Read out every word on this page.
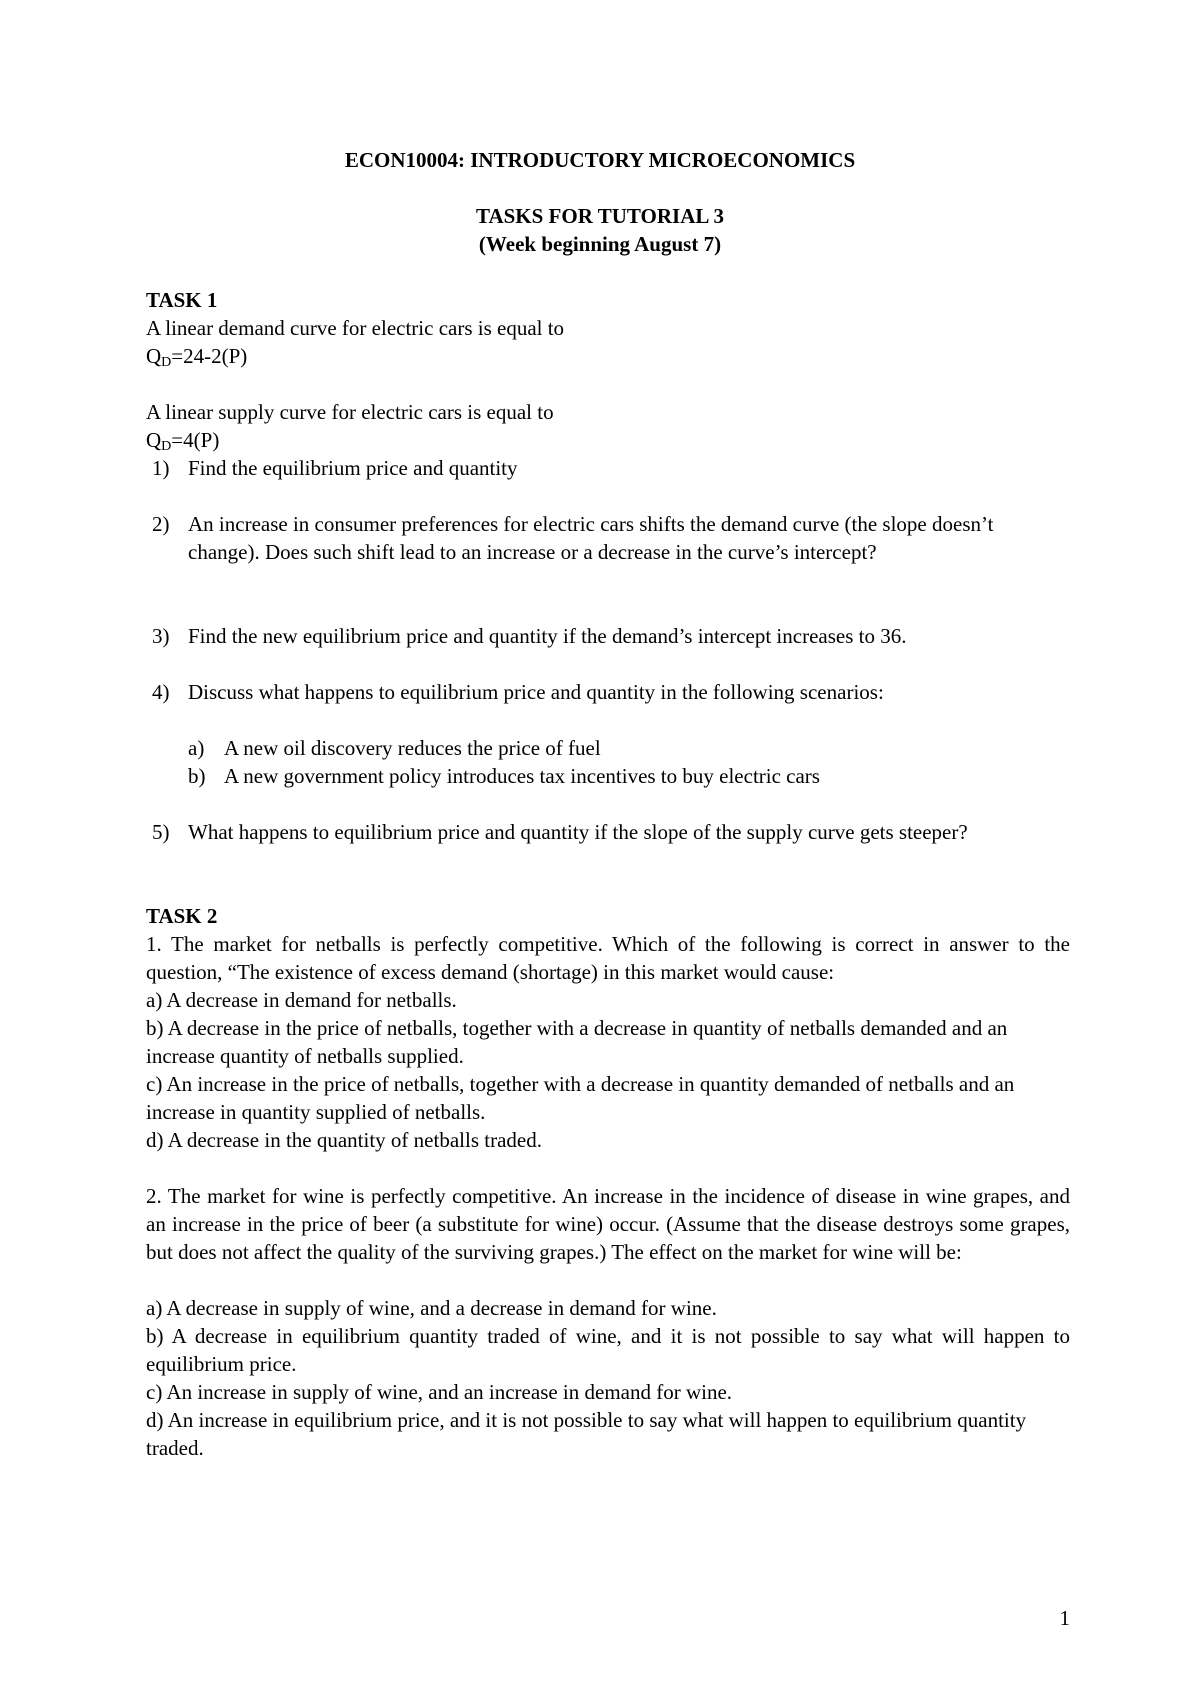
ECON10004: INTRODUCTORY MICROECONOMICS
TASKS FOR TUTORIAL 3
(Week beginning August 7)
TASK 1
A linear demand curve for electric cars is equal to
QD=24-2(P)
A linear supply curve for electric cars is equal to
QD=4(P)
1) Find the equilibrium price and quantity
2) An increase in consumer preferences for electric cars shifts the demand curve (the slope doesn’t change). Does such shift lead to an increase or a decrease in the curve’s intercept?
3) Find the new equilibrium price and quantity if the demand’s intercept increases to 36.
4) Discuss what happens to equilibrium price and quantity in the following scenarios:
a) A new oil discovery reduces the price of fuel
b) A new government policy introduces tax incentives to buy electric cars
5) What happens to equilibrium price and quantity if the slope of the supply curve gets steeper?
TASK 2
1. The market for netballs is perfectly competitive. Which of the following is correct in answer to the question, “The existence of excess demand (shortage) in this market would cause:
a) A decrease in demand for netballs.
b) A decrease in the price of netballs, together with a decrease in quantity of netballs demanded and an increase quantity of netballs supplied.
c) An increase in the price of netballs, together with a decrease in quantity demanded of netballs and an increase in quantity supplied of netballs.
d) A decrease in the quantity of netballs traded.
2. The market for wine is perfectly competitive. An increase in the incidence of disease in wine grapes, and an increase in the price of beer (a substitute for wine) occur. (Assume that the disease destroys some grapes, but does not affect the quality of the surviving grapes.) The effect on the market for wine will be:
a) A decrease in supply of wine, and a decrease in demand for wine.
b) A decrease in equilibrium quantity traded of wine, and it is not possible to say what will happen to equilibrium price.
c) An increase in supply of wine, and an increase in demand for wine.
d) An increase in equilibrium price, and it is not possible to say what will happen to equilibrium quantity traded.
1
